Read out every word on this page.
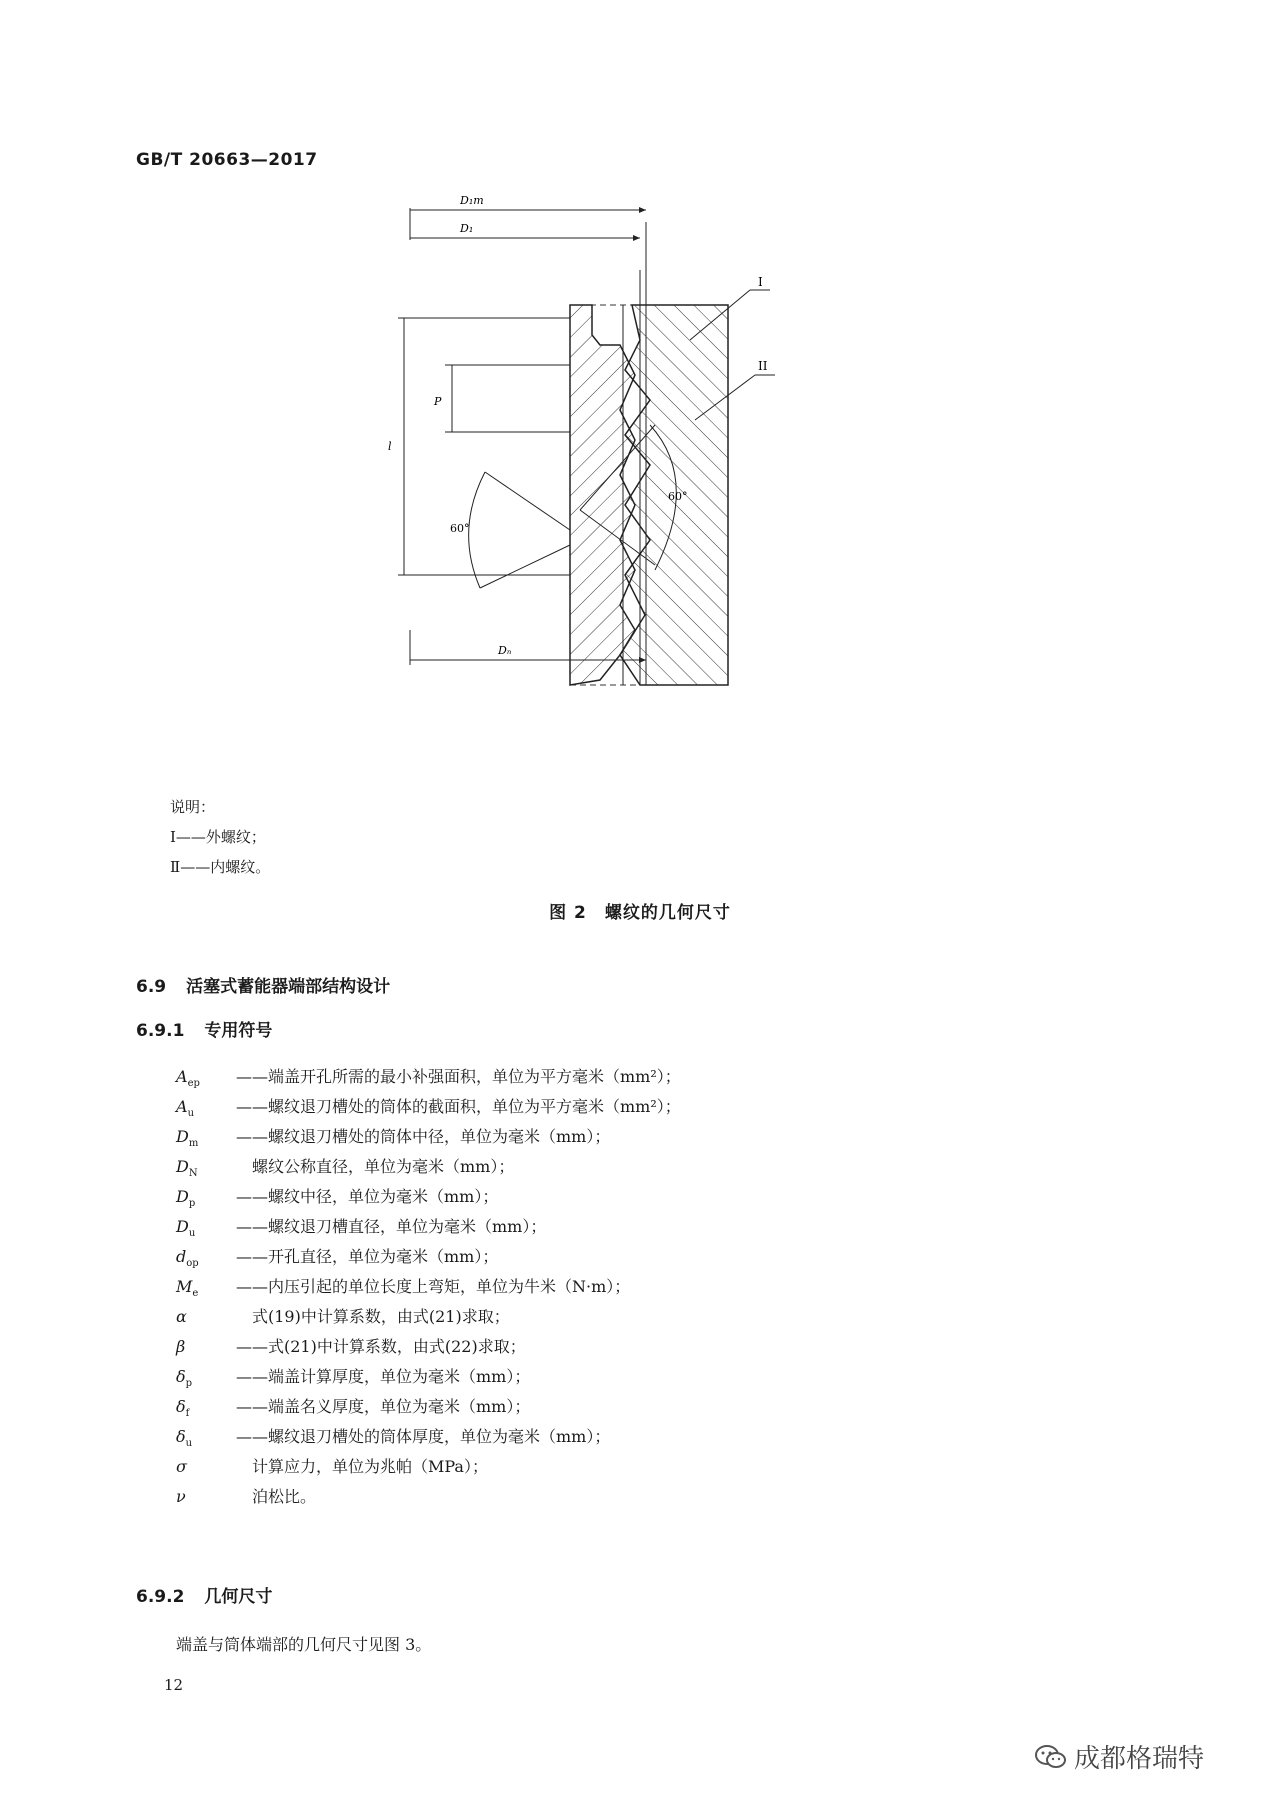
GB/T 20663—2017
D₁m
D₁
I
II
P
l
60°
60°
Dₙ
说明：
Ⅰ——外螺纹；
Ⅱ——内螺纹。
图 2　螺纹的几何尺寸
6.9 活塞式蓄能器端部结构设计
6.9.1 专用符号
$A_{ep}$ ——端盖开孔所需的最小补强面积，单位为平方毫米（mm²）；
$A_u$	——螺纹退刀槽处的筒体的截面积，单位为平方毫米（mm²）；
$D_m$ ——螺纹退刀槽处的筒体中径，单位为毫米（mm）；
$D_N$　螺纹公称直径，单位为毫米（mm）；
$D_p$	——螺纹中径，单位为毫米（mm）；
$D_u$	——螺纹退刀槽直径，单位为毫米（mm）；
$d_{op}$ ——开孔直径，单位为毫米（mm）；
$M_e$ ——内压引起的单位长度上弯矩，单位为牛米（N·m）；
α	　式(19)中计算系数，由式(21)求取；
β	——式(21)中计算系数，由式(22)求取；
$\delta_p$	——端盖计算厚度，单位为毫米（mm）；
$\delta_f$	——端盖名义厚度，单位为毫米（mm）；
$\delta_u$	——螺纹退刀槽处的筒体厚度，单位为毫米（mm）；
σ	　计算应力，单位为兆帕（MPa）；
ν	　泊松比。
6.9.2 几何尺寸
端盖与筒体端部的几何尺寸见图 3。
12
成都格瑞特
